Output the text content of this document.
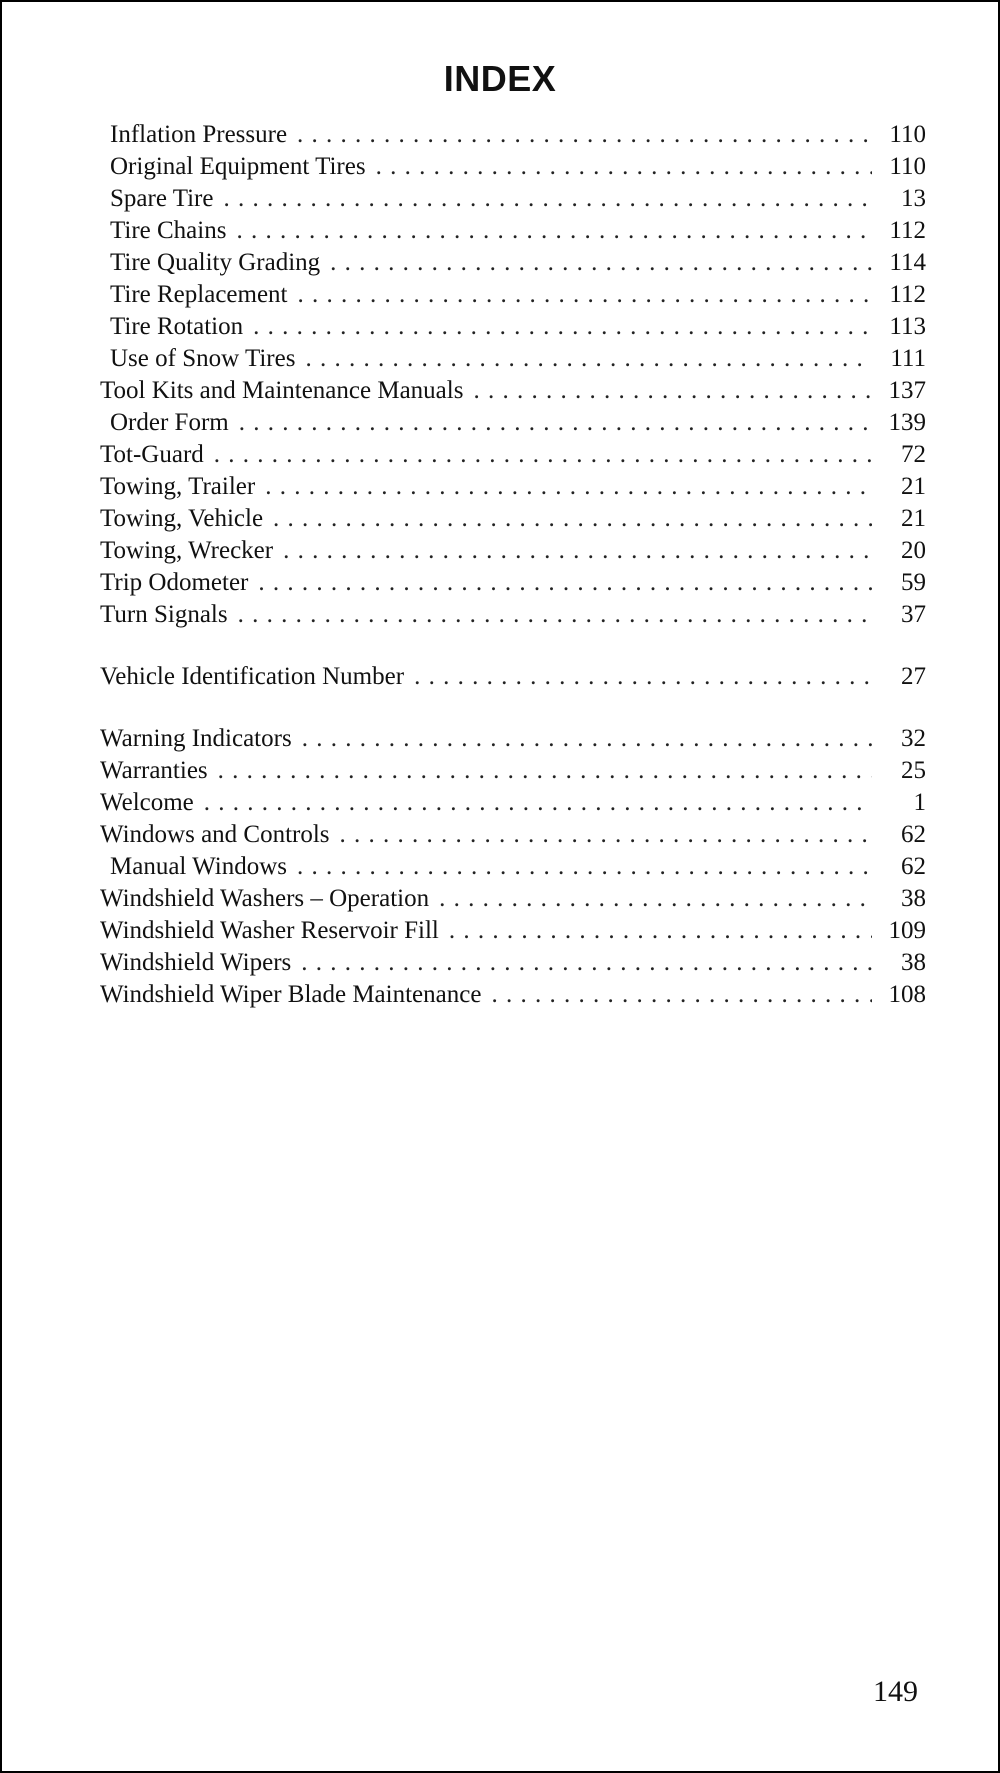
INDEX
Inflation Pressure . . .	110
Original Equipment Tires . . .	110
Spare Tire . . .	13
Tire Chains . . .	112
Tire Quality Grading . . .	114
Tire Replacement . . .	112
Tire Rotation . . .	113
Use of Snow Tires . . .	111
Tool Kits and Maintenance Manuals . . .	137
Order Form . . .	139
Tot-Guard . . .	72
Towing, Trailer . . .	21
Towing, Vehicle . . .	21
Towing, Wrecker . . .	20
Trip Odometer . . .	59
Turn Signals . . .	37
Vehicle Identification Number . . .	27
Warning Indicators . . .	32
Warranties . . .	25
Welcome . . .	1
Windows and Controls . . .	62
Manual Windows . . .	62
Windshield Washers – Operation . . .	38
Windshield Washer Reservoir Fill . . .	109
Windshield Wipers . . .	38
Windshield Wiper Blade Maintenance . . .	108
149
